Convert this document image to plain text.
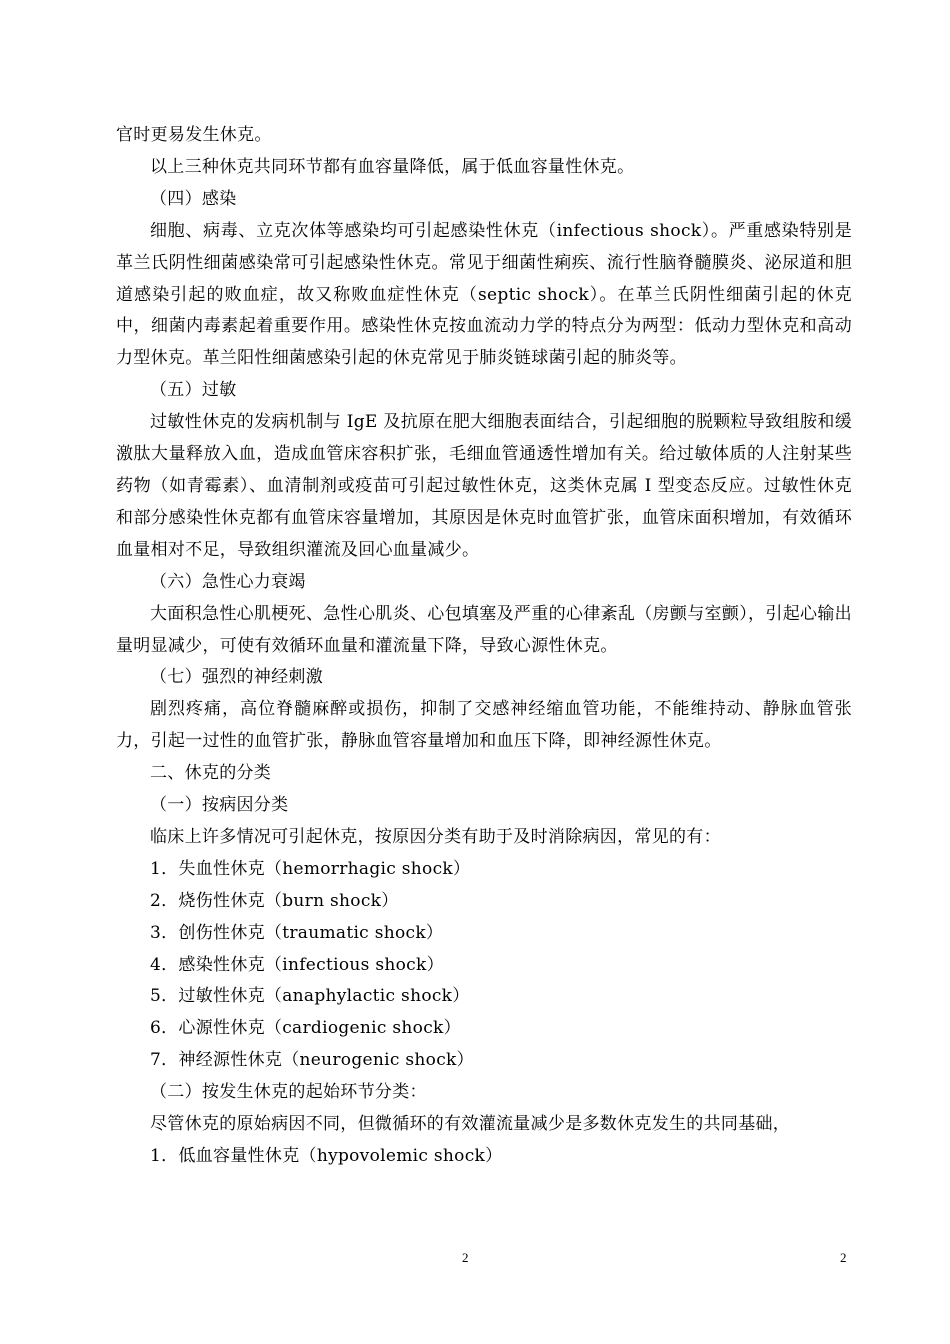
官时更易发生休克。

以上三种休克共同环节都有血容量降低，属于低血容量性休克。

（四）感染

细胞、病毒、立克次体等感染均可引起感染性休克（infectious shock）。严重感染特别是革兰氏阴性细菌感染常可引起感染性休克。常见于细菌性痢疾、流行性脑脊髓膜炎、泌尿道和胆道感染引起的败血症，故又称败血症性休克（septic shock）。在革兰氏阴性细菌引起的休克中，细菌内毒素起着重要作用。感染性休克按血流动力学的特点分为两型：低动力型休克和高动力型休克。革兰阳性细菌感染引起的休克常见于肺炎链球菌引起的肺炎等。

（五）过敏

过敏性休克的发病机制与 IgE 及抗原在肥大细胞表面结合，引起细胞的脱颗粒导致组胺和缓激肽大量释放入血，造成血管床容积扩张，毛细血管通透性增加有关。给过敏体质的人注射某些药物（如青霉素）、血清制剂或疫苗可引起过敏性休克，这类休克属 I 型变态反应。过敏性休克和部分感染性休克都有血管床容量增加，其原因是休克时血管扩张，血管床面积增加，有效循环血量相对不足，导致组织灌流及回心血量减少。

（六）急性心力衰竭

大面积急性心肌梗死、急性心肌炎、心包填塞及严重的心律紊乱（房颤与室颤），引起心输出量明显减少，可使有效循环血量和灌流量下降，导致心源性休克。

（七）强烈的神经刺激

剧烈疼痛，高位脊髓麻醉或损伤，抑制了交感神经缩血管功能，不能维持动、静脉血管张力，引起一过性的血管扩张，静脉血管容量增加和血压下降，即神经源性休克。

二、休克的分类

（一）按病因分类

临床上许多情况可引起休克，按原因分类有助于及时消除病因，常见的有：

1．失血性休克（hemorrhagic shock）

2．烧伤性休克（burn shock）

3．创伤性休克（traumatic shock）

4．感染性休克（infectious shock）

5．过敏性休克（anaphylactic shock）

6．心源性休克（cardiogenic shock）

7．神经源性休克（neurogenic shock）

（二）按发生休克的起始环节分类：

尽管休克的原始病因不同，但微循环的有效灌流量减少是多数休克发生的共同基础，

1．低血容量性休克（hypovolemic shock）

2	2
